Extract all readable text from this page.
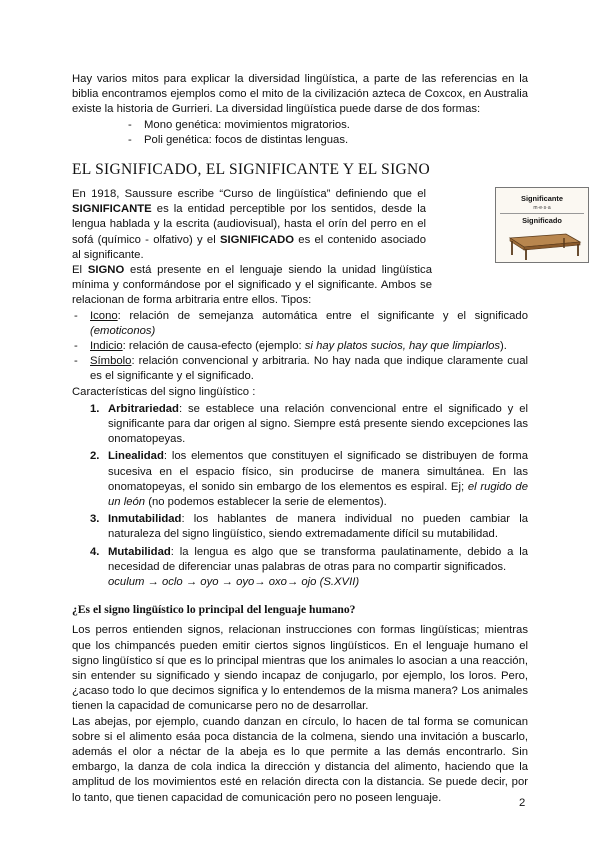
Hay varios mitos para explicar la diversidad lingüística, a parte de las referencias en la biblia encontramos ejemplos como el mito de la civilización azteca de Coxcox, en Australia existe la historia de Gurrieri. La diversidad lingüística puede darse de dos formas:

- Mono genética: movimientos migratorios.
- Poli genética: focos de distintas lenguas.
EL SIGNIFICADO, EL SIGNIFICANTE Y EL SIGNO
Significante
m·e·s·a
Significado

En 1918, Saussure escribe “Curso de lingüística” definiendo que el SIGNIFICANTE es la entidad perceptible por los sentidos, desde la lengua hablada y la escrita (audiovisual), hasta el orín del perro en el sofá (químico - olfativo) y el SIGNIFICADO es el contenido asociado al significante.

El SIGNO está presente en el lenguaje siendo la unidad lingüística mínima y conformándose por el significado y el significante. Ambos se relacionan de forma arbitraria entre ellos. Tipos:

- Icono: relación de semejanza automática entre el significante y el significado (emoticonos)
- Indicio: relación de causa-efecto (ejemplo: si hay platos sucios, hay que limpiarlos).
- Símbolo: relación convencional y arbitraria. No hay nada que indique claramente cual es el significante y el significado.

Características del signo lingüístico :

1. Arbitrariedad: se establece una relación convencional entre el significado y el significante para dar origen al signo. Siempre está presente siendo excepciones las onomatopeyas.
2. Linealidad: los elementos que constituyen el significado se distribuyen de forma sucesiva en el espacio físico, sin producirse de manera simultánea. En las onomatopeyas, el sonido sin embargo de los elementos es espiral. Ej; el rugido de un león (no podemos establecer la serie de elementos).
3. Inmutabilidad: los hablantes de manera individual no pueden cambiar la naturaleza del signo lingüístico, siendo extremadamente difícil su mutabilidad.
4. Mutabilidad: la lengua es algo que se transforma paulatinamente, debido a la necesidad de diferenciar unas palabras de otras para no compartir significados.

oculum → oclo → oyo → oyo→ oxo→ ojo (S.XVII)

¿Es el signo lingüístico lo principal del lenguaje humano?

Los perros entienden signos, relacionan instrucciones con formas lingüísticas; mientras que los chimpancés pueden emitir ciertos signos lingüísticos. En el lenguaje humano el signo lingüístico sí que es lo principal mientras que los animales lo asocian a una reacción, sin entender su significado y siendo incapaz de conjugarlo, por ejemplo, los loros. Pero, ¿acaso todo lo que decimos significa y lo entendemos de la misma manera? Los animales tienen la capacidad de comunicarse pero no de desarrollar.

Las abejas, por ejemplo, cuando danzan en círculo, lo hacen de tal forma se comunican sobre si el alimento esáa poca distancia de la colmena, siendo una invitación a buscarlo, además el olor a néctar de la abeja es lo que permite a las demás encontrarlo. Sin embargo, la danza de cola indica la dirección y distancia del alimento, haciendo que la amplitud de los movimientos esté en relación directa con la distancia. Se puede decir, por lo tanto, que tienen capacidad de comunicación pero no poseen lenguaje.	2
